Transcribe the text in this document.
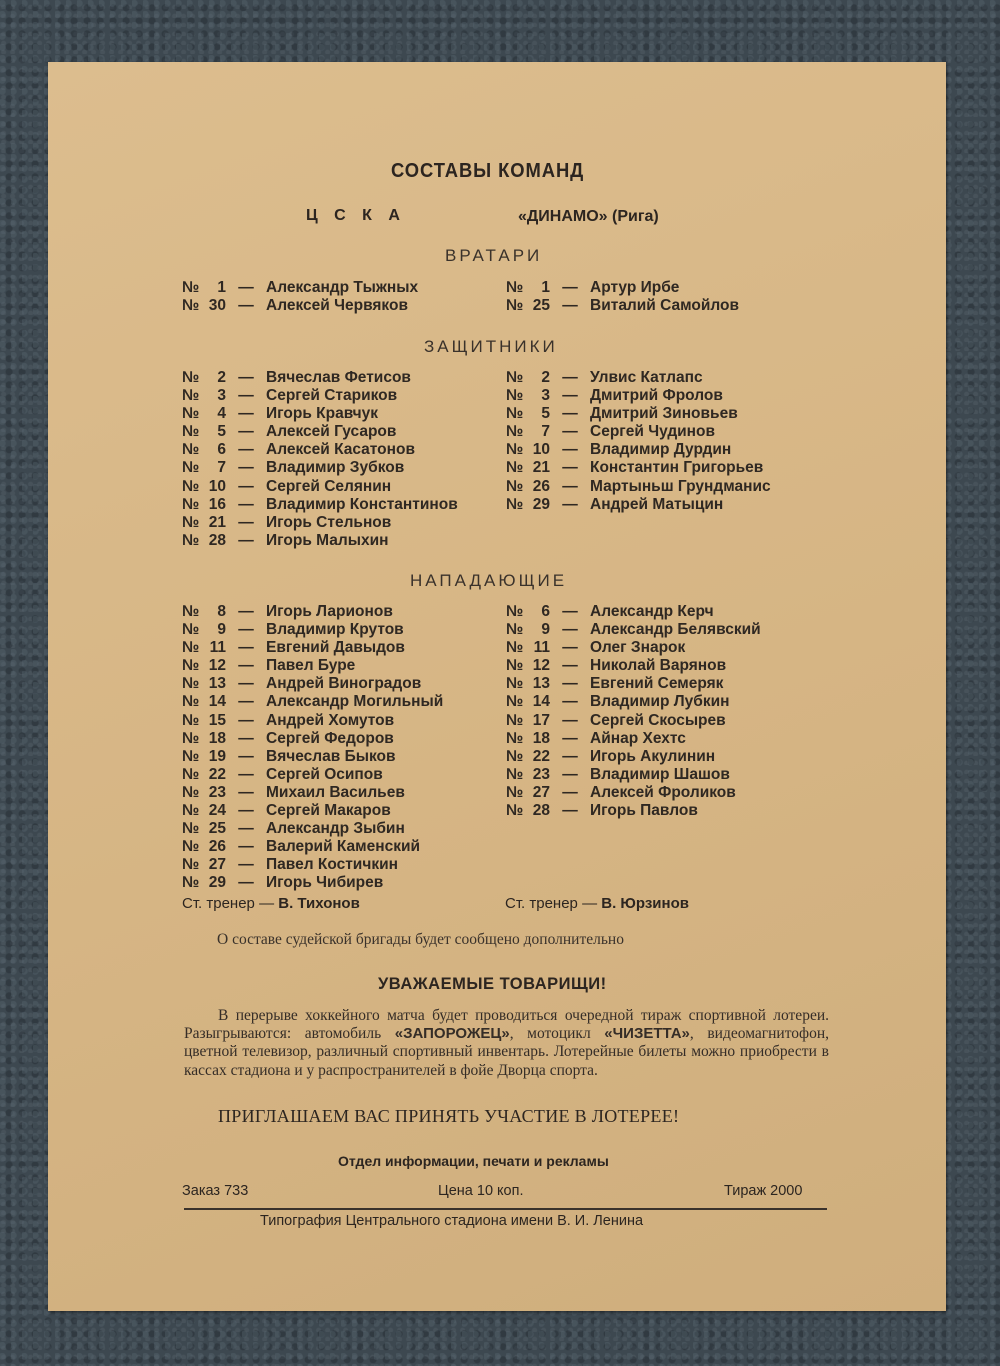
СОСТАВЫ КОМАНД
Ц С К А	«ДИНАМО» (Рига)
ВРАТАРИ
№	1 — Александр Тыжных
№ 30 — Алексей Червяков
№	1 — Артур Ирбе
№ 25 — Виталий Самойлов
ЗАЩИТНИКИ
№	2 — Вячеслав Фетисов
№	3 — Сергей Стариков
№	4 — Игорь Кравчук
№	5 — Алексей Гусаров
№	6 — Алексей Касатонов
№	7 — Владимир Зубков
№ 10 — Сергей Селянин
№ 16 — Владимир Константинов
№ 21 — Игорь Стельнов
№ 28 — Игорь Малыхин
№	2 — Улвис Катлапс
№	3 — Дмитрий Фролов
№	5 — Дмитрий Зиновьев
№	7 — Сергей Чудинов
№ 10 — Владимир Дурдин
№ 21 — Константин Григорьев
№ 26 — Мартыньш Грундманис
№ 29 — Андрей Матыцин
НАПАДАЮЩИЕ
№	8 — Игорь Ларионов
№	9 — Владимир Крутов
№ 11 — Евгений Давыдов
№ 12 — Павел Буре
№ 13 — Андрей Виноградов
№ 14 — Александр Могильный
№ 15 — Андрей Хомутов
№ 18 — Сергей Федоров
№ 19 — Вячеслав Быков
№ 22 — Сергей Осипов
№ 23 — Михаил Васильев
№ 24 — Сергей Макаров
№ 25 — Александр Зыбин
№ 26 — Валерий Каменский
№ 27 — Павел Костичкин
№ 29 — Игорь Чибирев
№	6 — Александр Керч
№	9 — Александр Белявский
№ 11 — Олег Знарок
№ 12 — Николай Варянов
№ 13 — Евгений Семеряк
№ 14 — Владимир Лубкин
№ 17 — Сергей Скосырев
№ 18 — Айнар Хехтс
№ 22 — Игорь Акулинин
№ 23 — Владимир Шашов
№ 27 — Алексей Фроликов
№ 28 — Игорь Павлов
Ст. тренер — В. Тихонов	Ст. тренер — В. Юрзинов
О составе судейской бригады будет сообщено дополнительно
УВАЖАЕМЫЕ ТОВАРИЩИ!
В перерыве хоккейного матча будет проводиться очередной тираж спортивной лотереи. Разыгрываются: автомобиль «ЗАПОРОЖЕЦ», мотоцикл «ЧИЗЕТТА», видеомагнитофон, цветной телевизор, различный спортивный инвентарь. Лотерейные билеты можно приобрести в кассах стадиона и у распространителей в фойе Дворца спорта.
ПРИГЛАШАЕМ ВАС ПРИНЯТЬ УЧАСТИЕ В ЛОТЕРЕЕ!
Отдел информации, печати и рекламы
Заказ 733	Цена 10 коп.	Тираж 2000
Типография Центрального стадиона имени В. И. Ленина
